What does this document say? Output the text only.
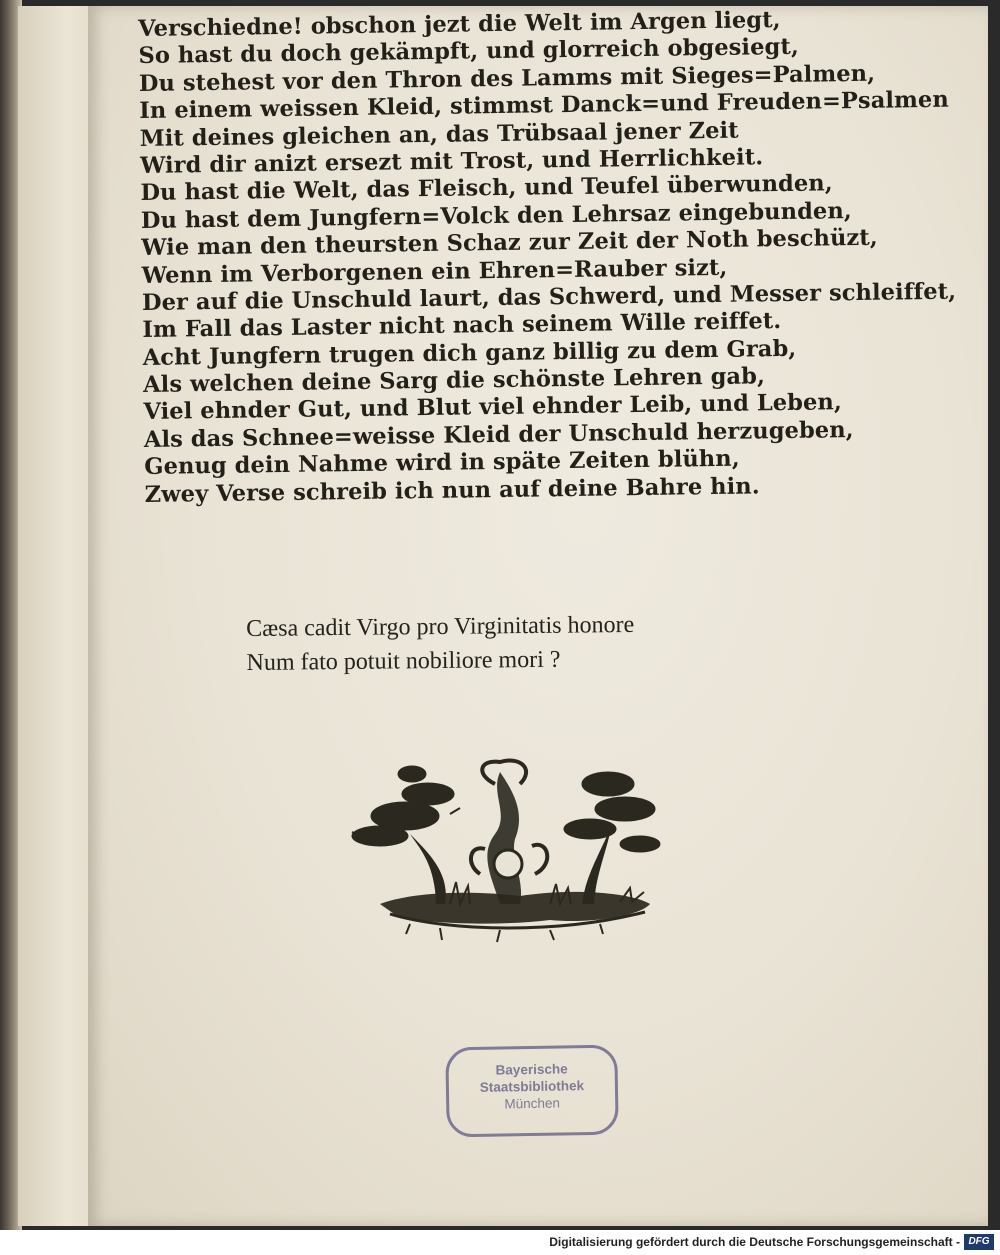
Verschiedne! obschon jezt die Welt im Argen liegt,
So hast du doch gekämpft, und glorreich obgesiegt,
Du stehest vor den Thron des Lamms mit Sieges=Palmen,
In einem weissen Kleid, stimmst Danck=und Freuden=Psalmen
Mit deines gleichen an, das Trübsaal jener Zeit
Wird dir anizt ersezt mit Trost, und Herrlichkeit.
Du hast die Welt, das Fleisch, und Teufel überwunden,
Du hast dem Jungfern=Volck den Lehrsaz eingebunden,
Wie man den theursten Schaz zur Zeit der Noth beschüzt,
Wenn im Verborgenen ein Ehren=Rauber sizt,
Der auf die Unschuld laurt, das Schwerd, und Messer schleiffet,
Im Fall das Laster nicht nach seinem Wille reiffet.
Acht Jungfern trugen dich ganz billig zu dem Grab,
Als welchen deine Sarg die schönste Lehren gab,
Viel ehnder Gut, und Blut viel ehnder Leib, und Leben,
Als das Schnee=weisse Kleid der Unschuld herzugeben,
Genug dein Nahme wird in späte Zeiten blühn,
Zwey Verse schreib ich nun auf deine Bahre hin.
Cæsa cadit Virgo pro Virginitatis honore
Num fato potuit nobiliore mori ?
Bayerische
Staatsbibliothek
München
Digitalisierung gefördert durch die Deutsche Forschungsgemeinschaft - DFG
